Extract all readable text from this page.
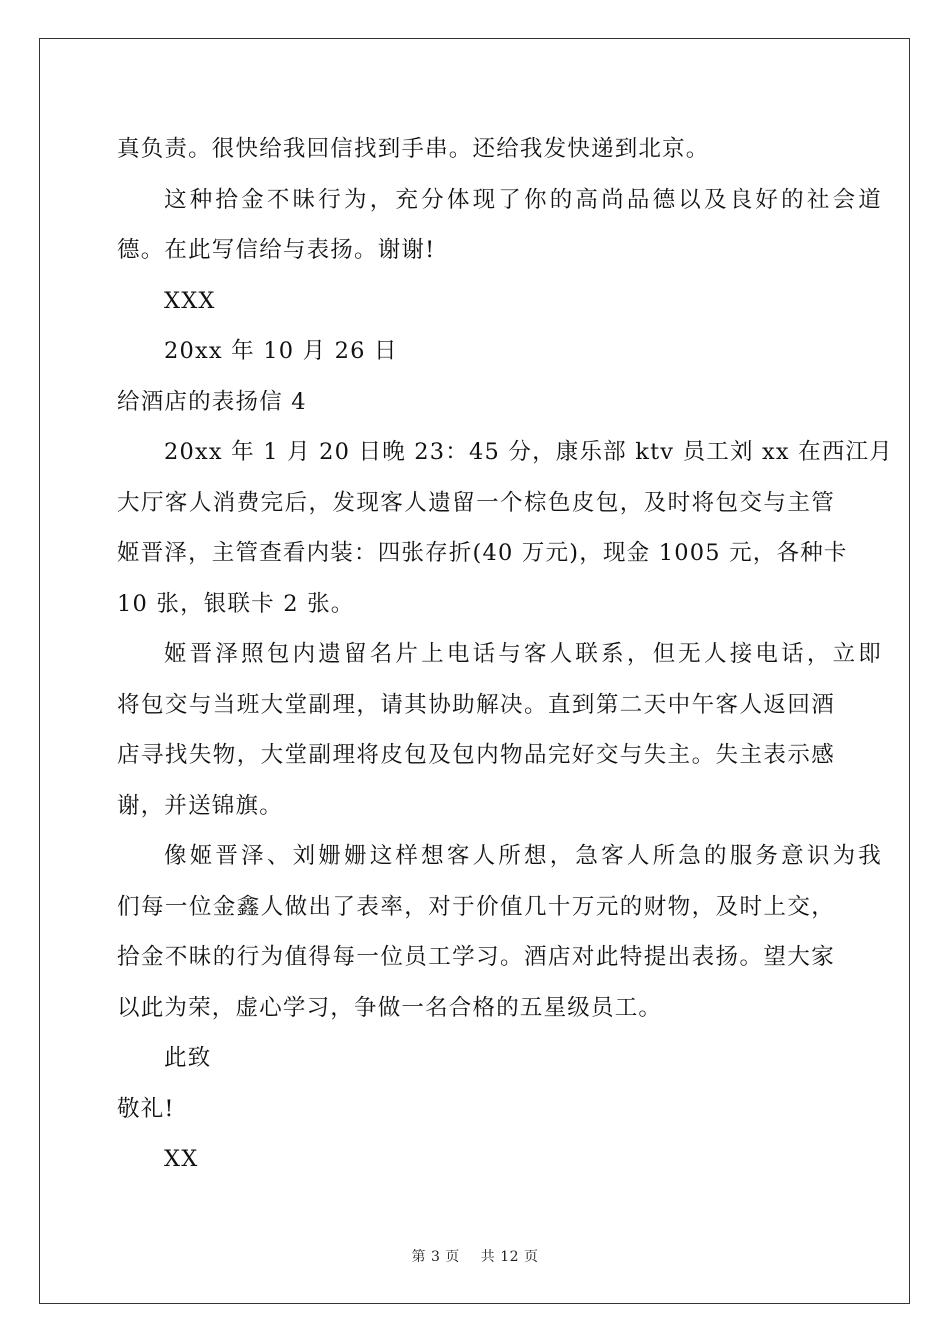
真负责。很快给我回信找到手串。还给我发快递到北京。
这种拾金不昧行为，充分体现了你的高尚品德以及良好的社会道
德。在此写信给与表扬。谢谢!
XXX
20xx 年 10 月 26 日
给酒店的表扬信 4
20xx 年 1 月 20 日晚 23：45 分，康乐部 ktv 员工刘 xx 在西江月
大厅客人消费完后，发现客人遗留一个棕色皮包，及时将包交与主管
姬晋泽，主管查看内装：四张存折(40 万元)，现金 1005 元，各种卡
10 张，银联卡 2 张。
姬晋泽照包内遗留名片上电话与客人联系，但无人接电话，立即
将包交与当班大堂副理，请其协助解决。直到第二天中午客人返回酒
店寻找失物，大堂副理将皮包及包内物品完好交与失主。失主表示感
谢，并送锦旗。
像姬晋泽、刘姗姗这样想客人所想，急客人所急的服务意识为我
们每一位金鑫人做出了表率，对于价值几十万元的财物，及时上交，
拾金不昧的行为值得每一位员工学习。酒店对此特提出表扬。望大家
以此为荣，虚心学习，争做一名合格的五星级员工。
此致
敬礼!
XX
第 3 页 共 12 页
